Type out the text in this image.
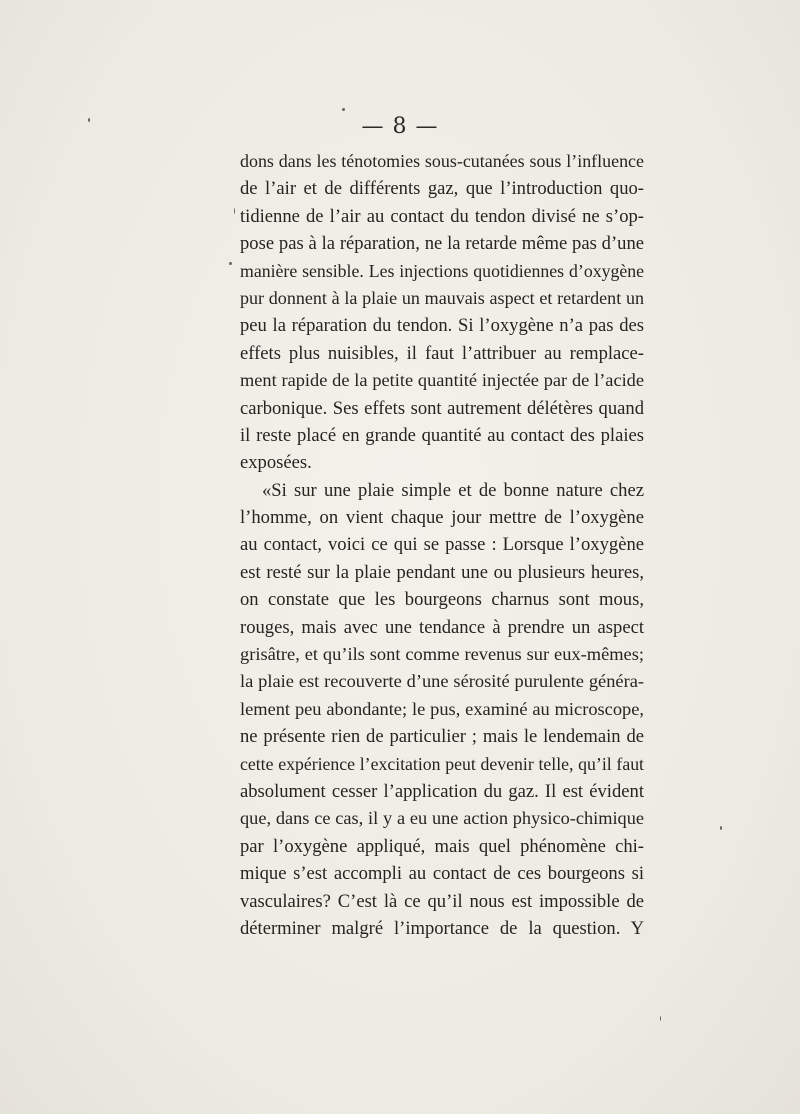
— 8 —
dons dans les ténotomies sous-cutanées sous l’influence
de l’air et de différents gaz, que l’introduction quo-
tidienne de l’air au contact du tendon divisé ne s’op-
pose pas à la réparation, ne la retarde même pas d’une
manière sensible. Les injections quotidiennes d’oxygène
pur donnent à la plaie un mauvais aspect et retardent un
peu la réparation du tendon. Si l’oxygène n’a pas des
effets plus nuisibles, il faut l’attribuer au remplace-
ment rapide de la petite quantité injectée par de l’acide
carbonique. Ses effets sont autrement délétères quand
il reste placé en grande quantité au contact des plaies
exposées.
«Si sur une plaie simple et de bonne nature chez
l’homme, on vient chaque jour mettre de l’oxygène
au contact, voici ce qui se passe : Lorsque l’oxygène
est resté sur la plaie pendant une ou plusieurs heures,
on constate que les bourgeons charnus sont mous,
rouges, mais avec une tendance à prendre un aspect
grisâtre, et qu’ils sont comme revenus sur eux-mêmes;
la plaie est recouverte d’une sérosité purulente généra-
lement peu abondante; le pus, examiné au microscope,
ne présente rien de particulier ; mais le lendemain de
cette expérience l’excitation peut devenir telle, qu’il faut
absolument cesser l’application du gaz. Il est évident
que, dans ce cas, il y a eu une action physico-chimique
par l’oxygène appliqué, mais quel phénomène chi-
mique s’est accompli au contact de ces bourgeons si
vasculaires? C’est là ce qu’il nous est impossible de
déterminer malgré l’importance de la question. Y
